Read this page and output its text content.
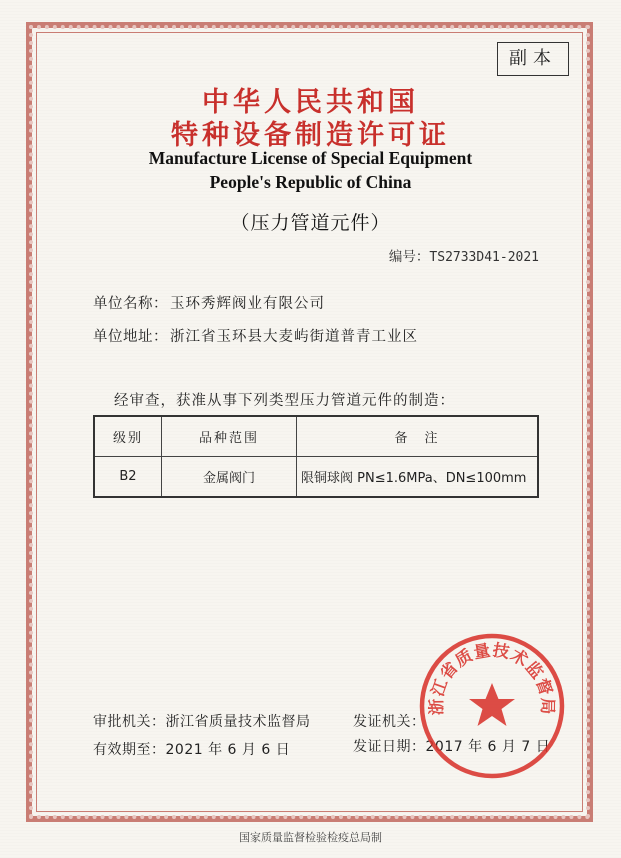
副本
中华人民共和国
特种设备制造许可证
Manufacture License of Special Equipment
People's Republic of China
（压力管道元件）
编号：TS2733D41-2021
单位名称： 玉环秀辉阀业有限公司
单位地址： 浙江省玉环县大麦屿街道普青工业区
经审查，获准从事下列类型压力管道元件的制造：
级别	品种范围	备　注
B2	金属阀门	限铜球阀 PN≤1.6MPa、DN≤100mm
审批机关：浙江省质量技术监督局
有效期至：2021 年 6 月 6 日
发证机关：
发证日期：2017 年 6 月 7 日
浙江省质量技术监督局
国家质量监督检验检疫总局制
